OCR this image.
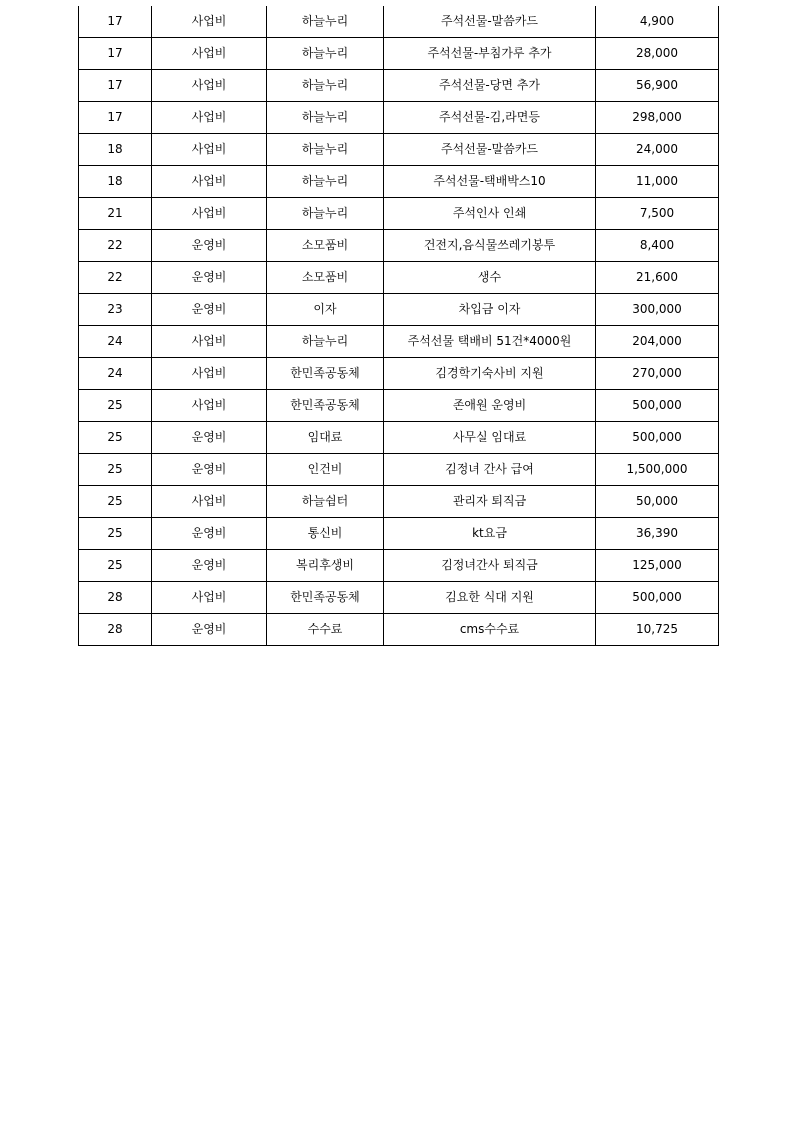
17	사업비	하늘누리	주석선물-말씀카드	4,900
17	사업비	하늘누리	주석선물-부침가루 추가	28,000
17	사업비	하늘누리	주석선물-당면 추가	56,900
17	사업비	하늘누리	주석선물-김,라면등	298,000
18	사업비	하늘누리	주석선물-말씀카드	24,000
18	사업비	하늘누리	주석선물-택배박스10	11,000
21	사업비	하늘누리	주석인사 인쇄	7,500
22	운영비	소모품비	건전지,음식물쓰레기봉투	8,400
22	운영비	소모품비	생수	21,600
23	운영비	이자	차입금 이자	300,000
24	사업비	하늘누리	주석선물 택배비 51건*4000원	204,000
24	사업비	한민족공동체	김경학기숙사비 지원	270,000
25	사업비	한민족공동체	존애원 운영비	500,000
25	운영비	임대료	사무실 임대료	500,000
25	운영비	인건비	김정녀 간사 급여	1,500,000
25	사업비	하늘쉼터	관리자 퇴직금	50,000
25	운영비	통신비	kt요금	36,390
25	운영비	복리후생비	김정녀간사 퇴직금	125,000
28	사업비	한민족공동체	김요한 식대 지원	500,000
28	운영비	수수료	cms수수료	10,725
